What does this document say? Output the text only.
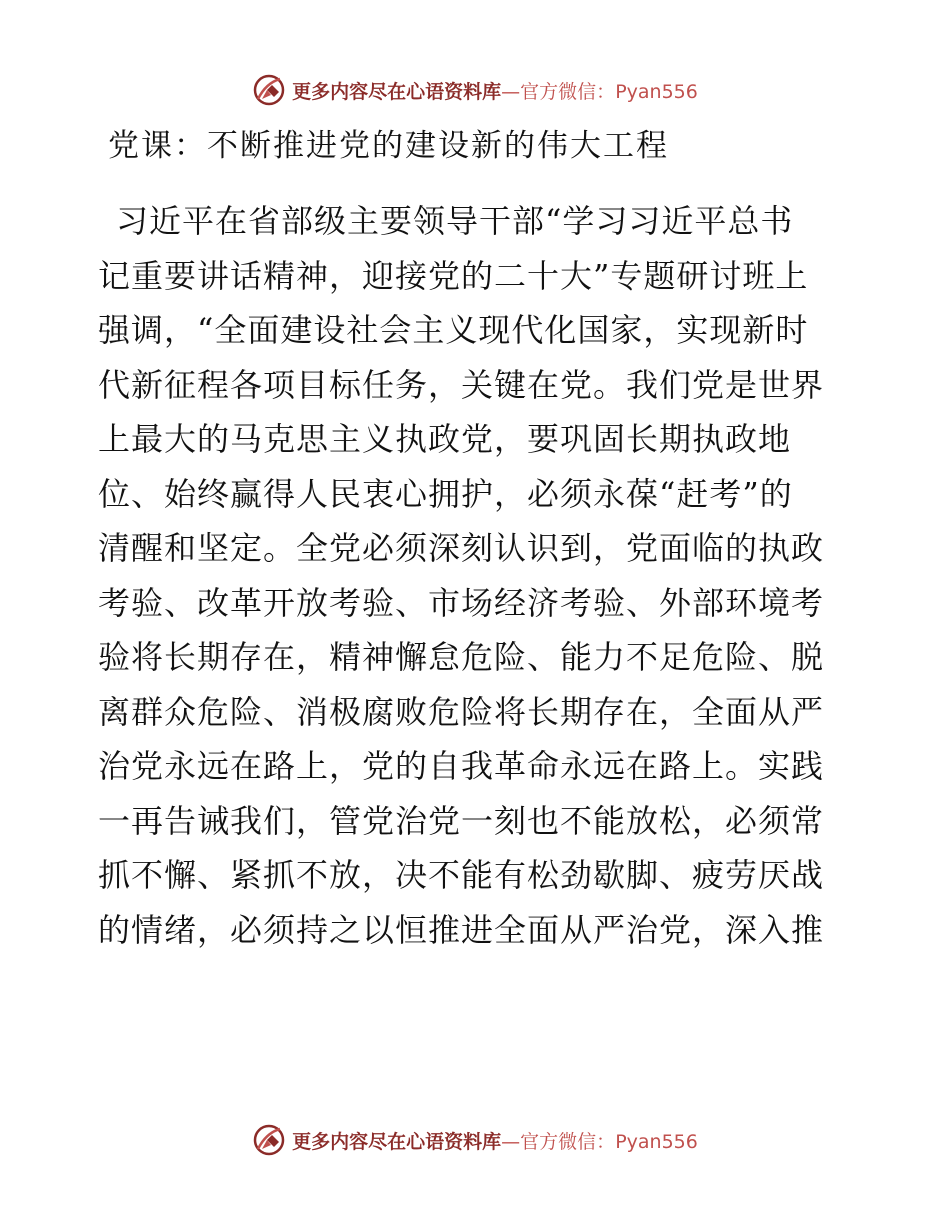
更多内容尽在心语资料库—官方微信：Pyan556
党课：不断推进党的建设新的伟大工程
习近平在省部级主要领导干部“学习习近平总书
记重要讲话精神，迎接党的二十大”专题研讨班上
强调，“全面建设社会主义现代化国家，实现新时
代新征程各项目标任务，关键在党。我们党是世界
上最大的马克思主义执政党，要巩固长期执政地
位、始终赢得人民衷心拥护，必须永葆“赶考”的
清醒和坚定。全党必须深刻认识到，党面临的执政
考验、改革开放考验、市场经济考验、外部环境考
验将长期存在，精神懈怠危险、能力不足危险、脱
离群众危险、消极腐败危险将长期存在，全面从严
治党永远在路上，党的自我革命永远在路上。实践
一再告诫我们，管党治党一刻也不能放松，必须常
抓不懈、紧抓不放，决不能有松劲歇脚、疲劳厌战
的情绪，必须持之以恒推进全面从严治党，深入推
更多内容尽在心语资料库—官方微信：Pyan556
